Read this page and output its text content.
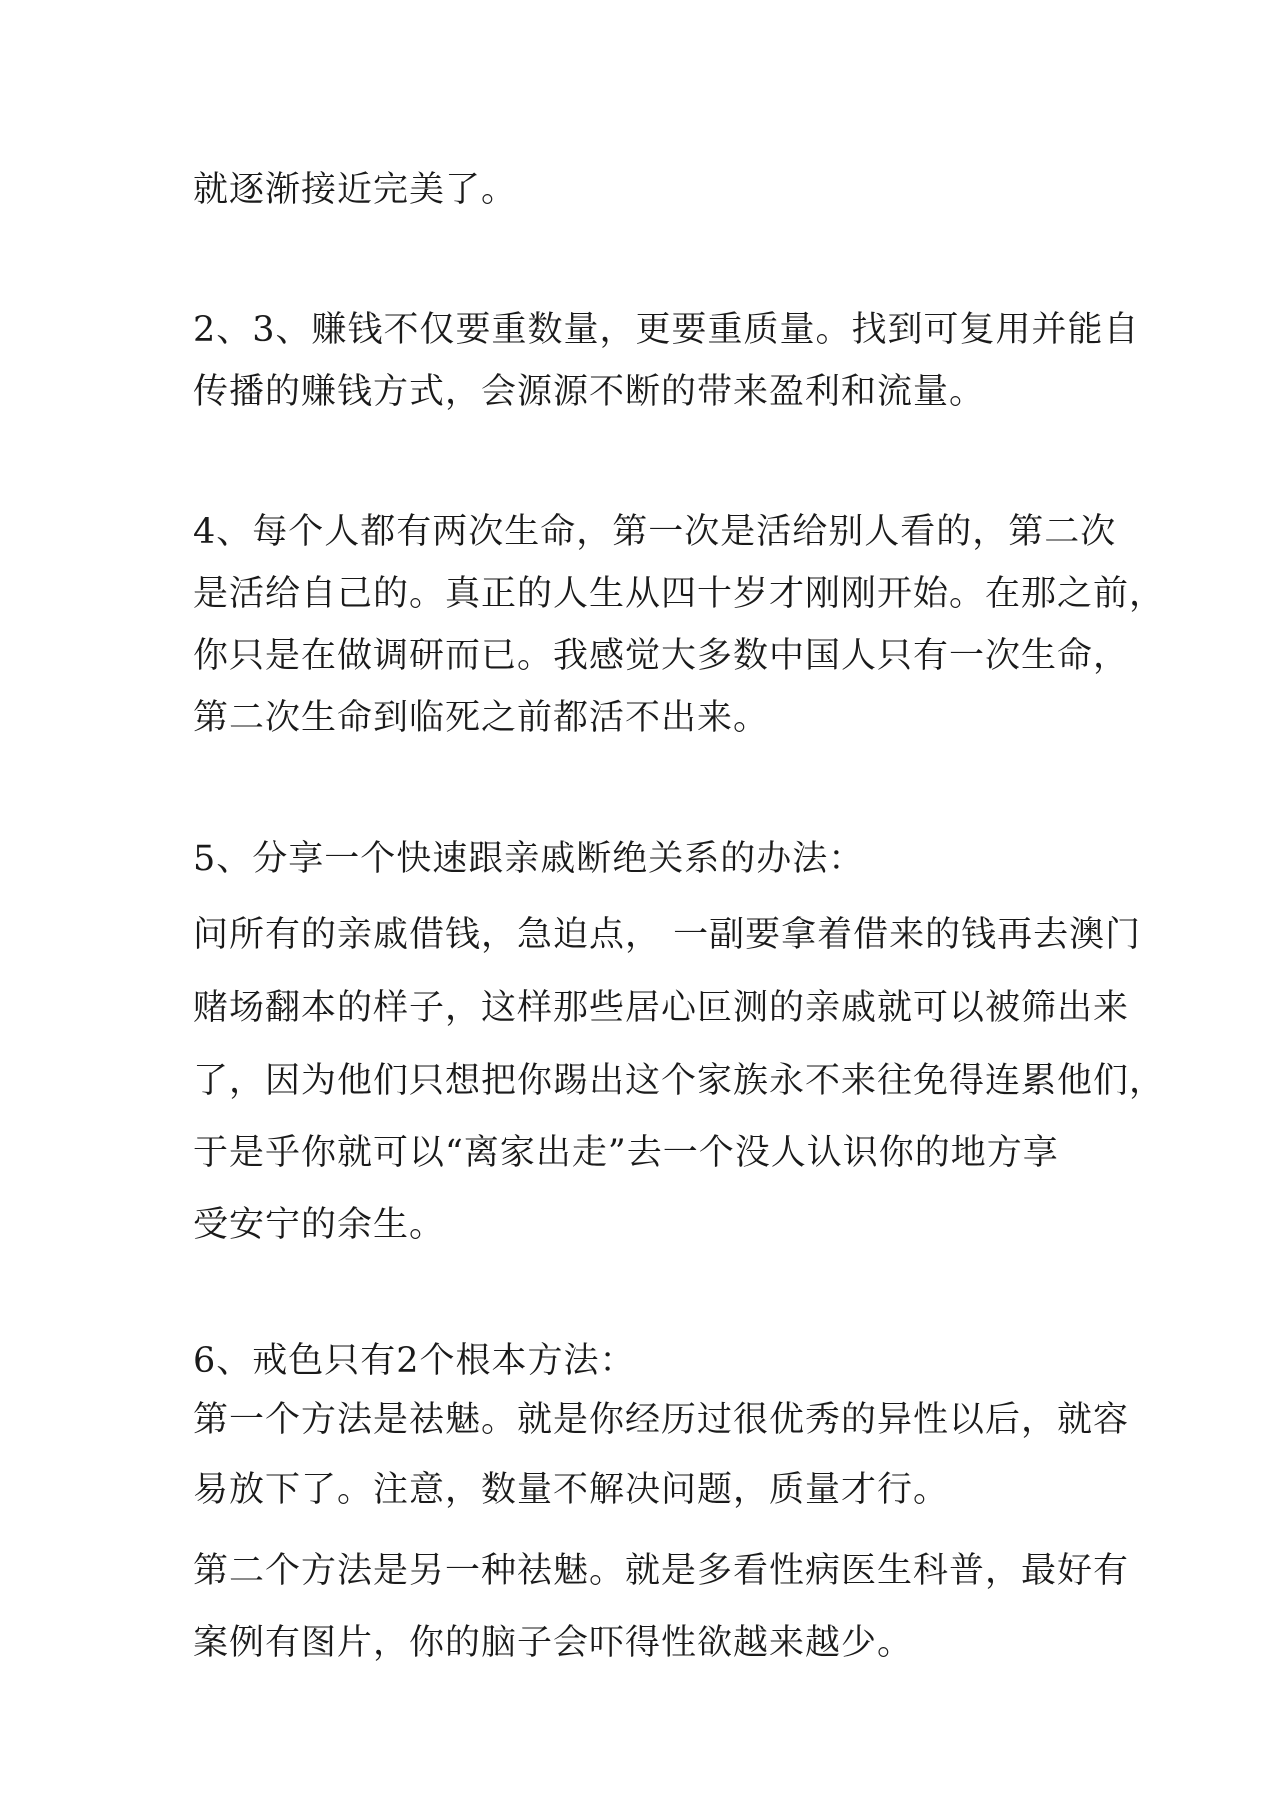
就逐渐接近完美了。
2、3、赚钱不仅要重数量，更要重质量。找到可复用并能自
传播的赚钱方式，会源源不断的带来盈利和流量。
4、每个人都有两次生命，第一次是活给别人看的，第二次
是活给自己的。真正的人生从四十岁才刚刚开始。在那之前，
你只是在做调研而已。我感觉大多数中国人只有一次生命，
第二次生命到临死之前都活不出来。
5、分享一个快速跟亲戚断绝关系的办法：
问所有的亲戚借钱，急迫点， 一副要拿着借来的钱再去澳门
赌场翻本的样子，这样那些居心叵测的亲戚就可以被筛出来
了，因为他们只想把你踢出这个家族永不来往免得连累他们，
于是乎你就可以“离家出走”去一个没人认识你的地方享
受安宁的余生。
6、戒色只有2个根本方法：
第一个方法是祛魅。就是你经历过很优秀的异性以后，就容
易放下了。注意，数量不解决问题，质量才行。
第二个方法是另一种祛魅。就是多看性病医生科普，最好有
案例有图片，你的脑子会吓得性欲越来越少。
